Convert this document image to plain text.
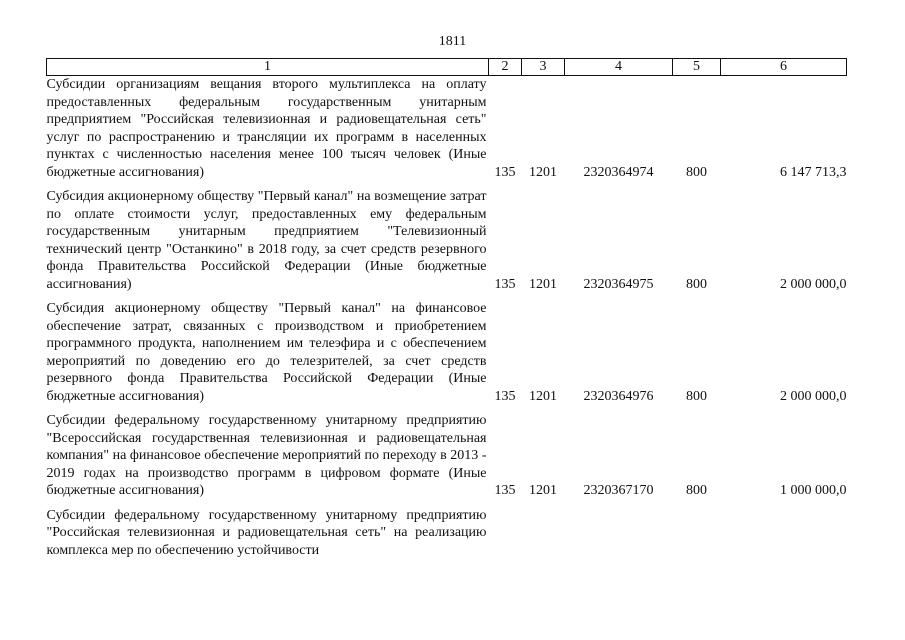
1811
1	2	3	4	5	6
Субсидии организациям вещания второго мультиплекса на оплату предоставленных федеральным государственным унитарным предприятием "Российская телевизионная и радиовещательная сеть" услуг по распространению и трансляции их программ в населенных пунктах с численностью населения менее 100 тысяч человек (Иные бюджетные ассигнования)	135	1201	2320364974	800	6 147 713,3
Субсидия акционерному обществу "Первый канал" на возмещение затрат по оплате стоимости услуг, предоставленных ему федеральным государственным унитарным предприятием "Телевизионный технический центр "Останкино" в 2018 году, за счет средств резервного фонда Правительства Российской Федерации (Иные бюджетные ассигнования)	135	1201	2320364975	800	2 000 000,0
Субсидия акционерному обществу "Первый канал" на финансовое обеспечение затрат, связанных с производством и приобретением программного продукта, наполнением им телеэфира и с обеспечением мероприятий по доведению его до телезрителей, за счет средств резервного фонда Правительства Российской Федерации (Иные бюджетные ассигнования)	135	1201	2320364976	800	2 000 000,0
Субсидии федеральному государственному унитарному предприятию "Всероссийская государственная телевизионная и радиовещательная компания" на финансовое обеспечение мероприятий по переходу в 2013 - 2019 годах на производство программ в цифровом формате (Иные бюджетные ассигнования)	135	1201	2320367170	800	1 000 000,0
Субсидии федеральному государственному унитарному предприятию "Российская телевизионная и радиовещательная сеть" на реализацию комплекса мер по обеспечению устойчивости					
